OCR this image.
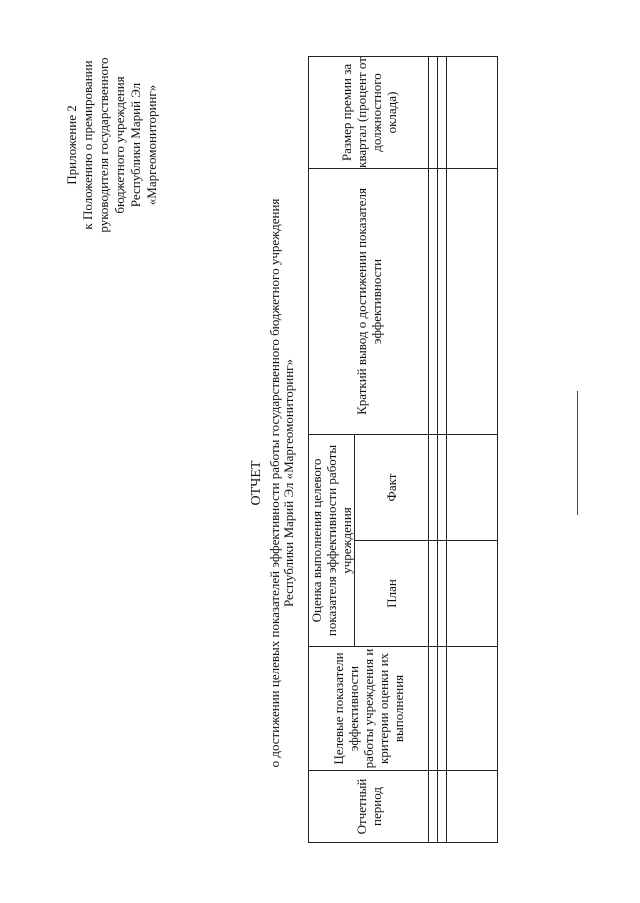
Приложение 2 к Положению о премировании руководителя государственного бюджетного учреждения Республики Марий Эл «Маргеомониторинг»
ОТЧЕТ о достижении целевых показателей эффективности работы государственного бюджетного учреждения Республики Марий Эл «Маргеомониторинг»
Отчетный период	Целевые показатели эффективности работы учреждения и критерии оценки их выполнения	Оценка выполнения целевого показателя эффективности работы учреждения		Краткий вывод о достижении показателя эффективности	Размер премии за квартал (процент от должностного оклада)
		План	Факт		
